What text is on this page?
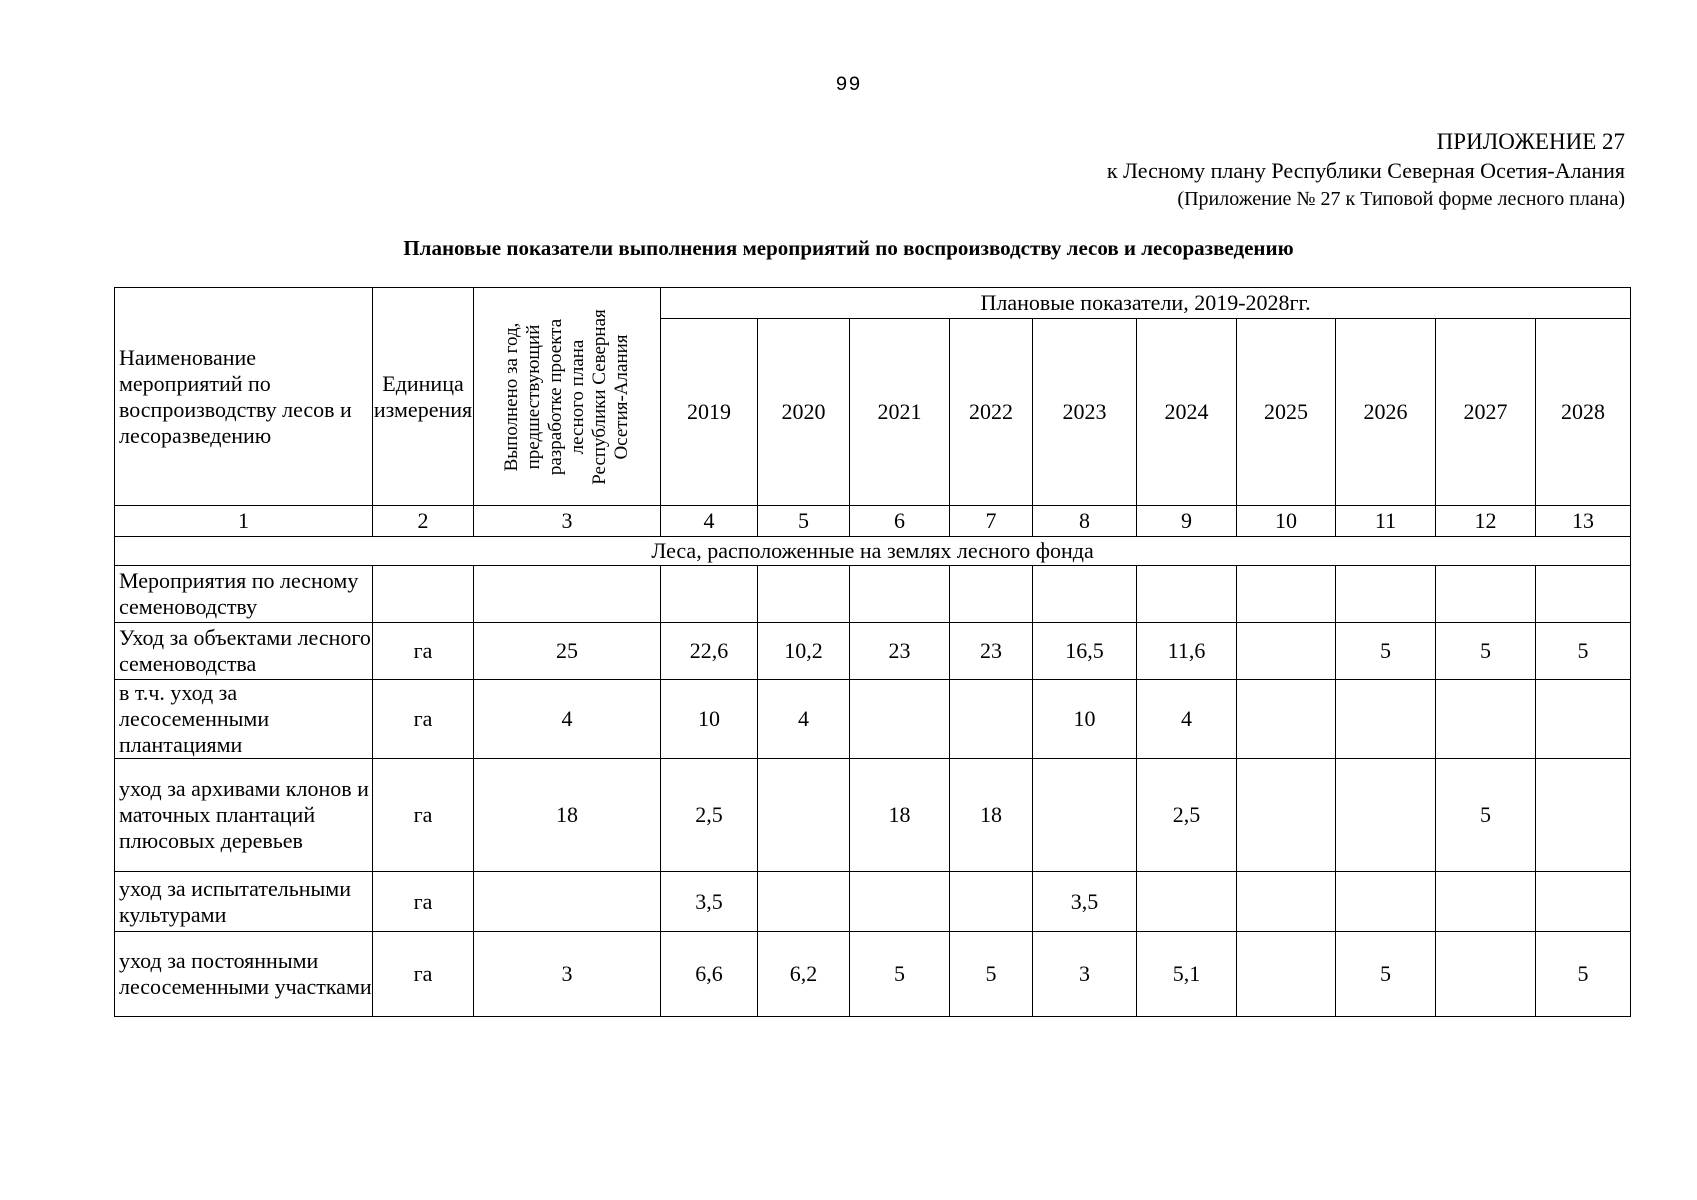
99
ПРИЛОЖЕНИЕ 27
к Лесному плану Республики Северная Осетия-Алания
(Приложение № 27 к Типовой форме лесного плана)
Плановые показатели выполнения мероприятий по воспроизводству лесов и лесоразведению
Наименование мероприятий по воспроизводству лесов и лесоразведению	Единица измерения	Выполнено за год, предшествующий разработке проекта лесного плана Республики Северная Осетия-Алания	Плановые показатели, 2019-2028гг.									
			2019	2020	2021	2022	2023	2024	2025	2026	2027	2028
1	2	3	4	5	6	7	8	9	10	11	12	13
Леса, расположенные на землях лесного фонда												
Мероприятия по лесному семеноводству												
Уход за объектами лесного семеноводства	га	25	22,6	10,2	23	23	16,5	11,6		5	5	5
в т.ч. уход за лесосеменными плантациями	га	4	10	4			10	4				
уход за архивами клонов и маточных плантаций плюсовых деревьев	га	18	2,5		18	18		2,5			5	
уход за испытательными культурами	га		3,5				3,5					
уход за постоянными лесосеменными участками	га	3	6,6	6,2	5	5	3	5,1		5		5
